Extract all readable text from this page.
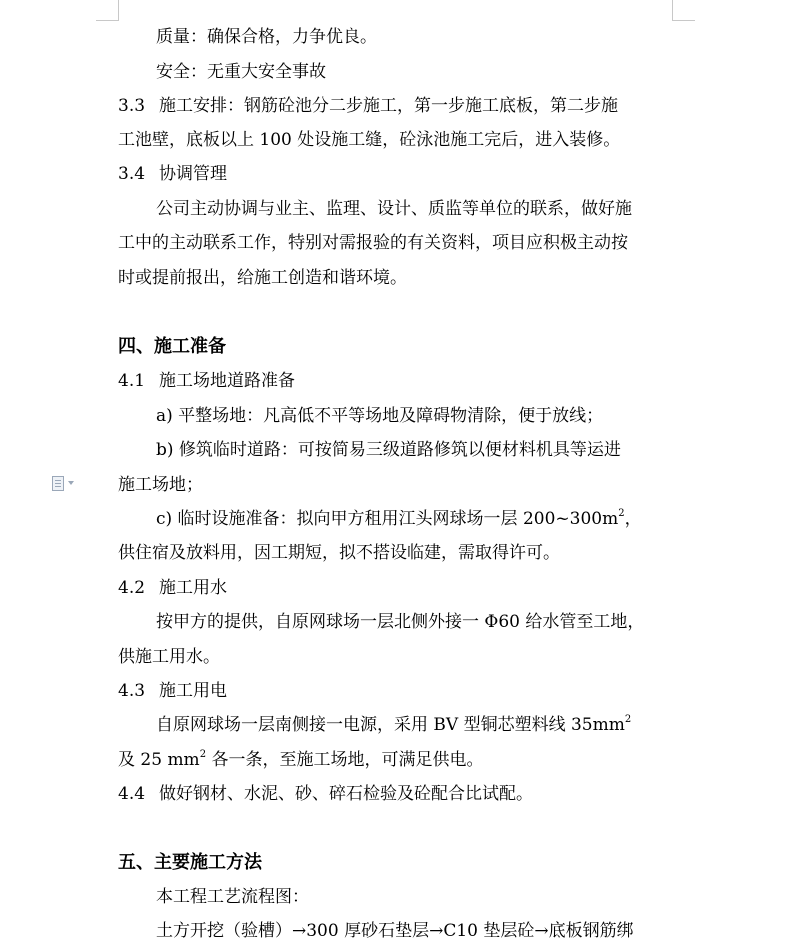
质量：确保合格，力争优良。
安全：无重大安全事故
3.3 施工安排：钢筋砼池分二步施工，第一步施工底板，第二步施
工池壁，底板以上 100 处设施工缝，砼泳池施工完后，进入装修。
3.4 协调管理
公司主动协调与业主、监理、设计、质监等单位的联系，做好施
工中的主动联系工作，特别对需报验的有关资料，项目应积极主动按
时或提前报出，给施工创造和谐环境。
四、施工准备
4.1 施工场地道路准备
a) 平整场地：凡高低不平等场地及障碍物清除，便于放线；
b) 修筑临时道路：可按简易三级道路修筑以便材料机具等运进
施工场地；
c) 临时设施准备：拟向甲方租用江头网球场一层 $200\sim 300m^2$，
供住宿及放料用，因工期短，拟不搭设临建，需取得许可。
4.2 施工用水
按甲方的提供，自原网球场一层北侧外接一 Φ60 给水管至工地，
供施工用水。
4.3 施工用电
自原网球场一层南侧接一电源，采用 BV 型铜芯塑料线 $35mm^2$
及 25 $mm^2$ 各一条，至施工场地，可满足供电。
4.4 做好钢材、水泥、砂、碎石检验及砼配合比试配。
五、主要施工方法
本工程工艺流程图：
土方开挖（验槽）→300 厚砂石垫层→C10 垫层砼→底板钢筋绑
